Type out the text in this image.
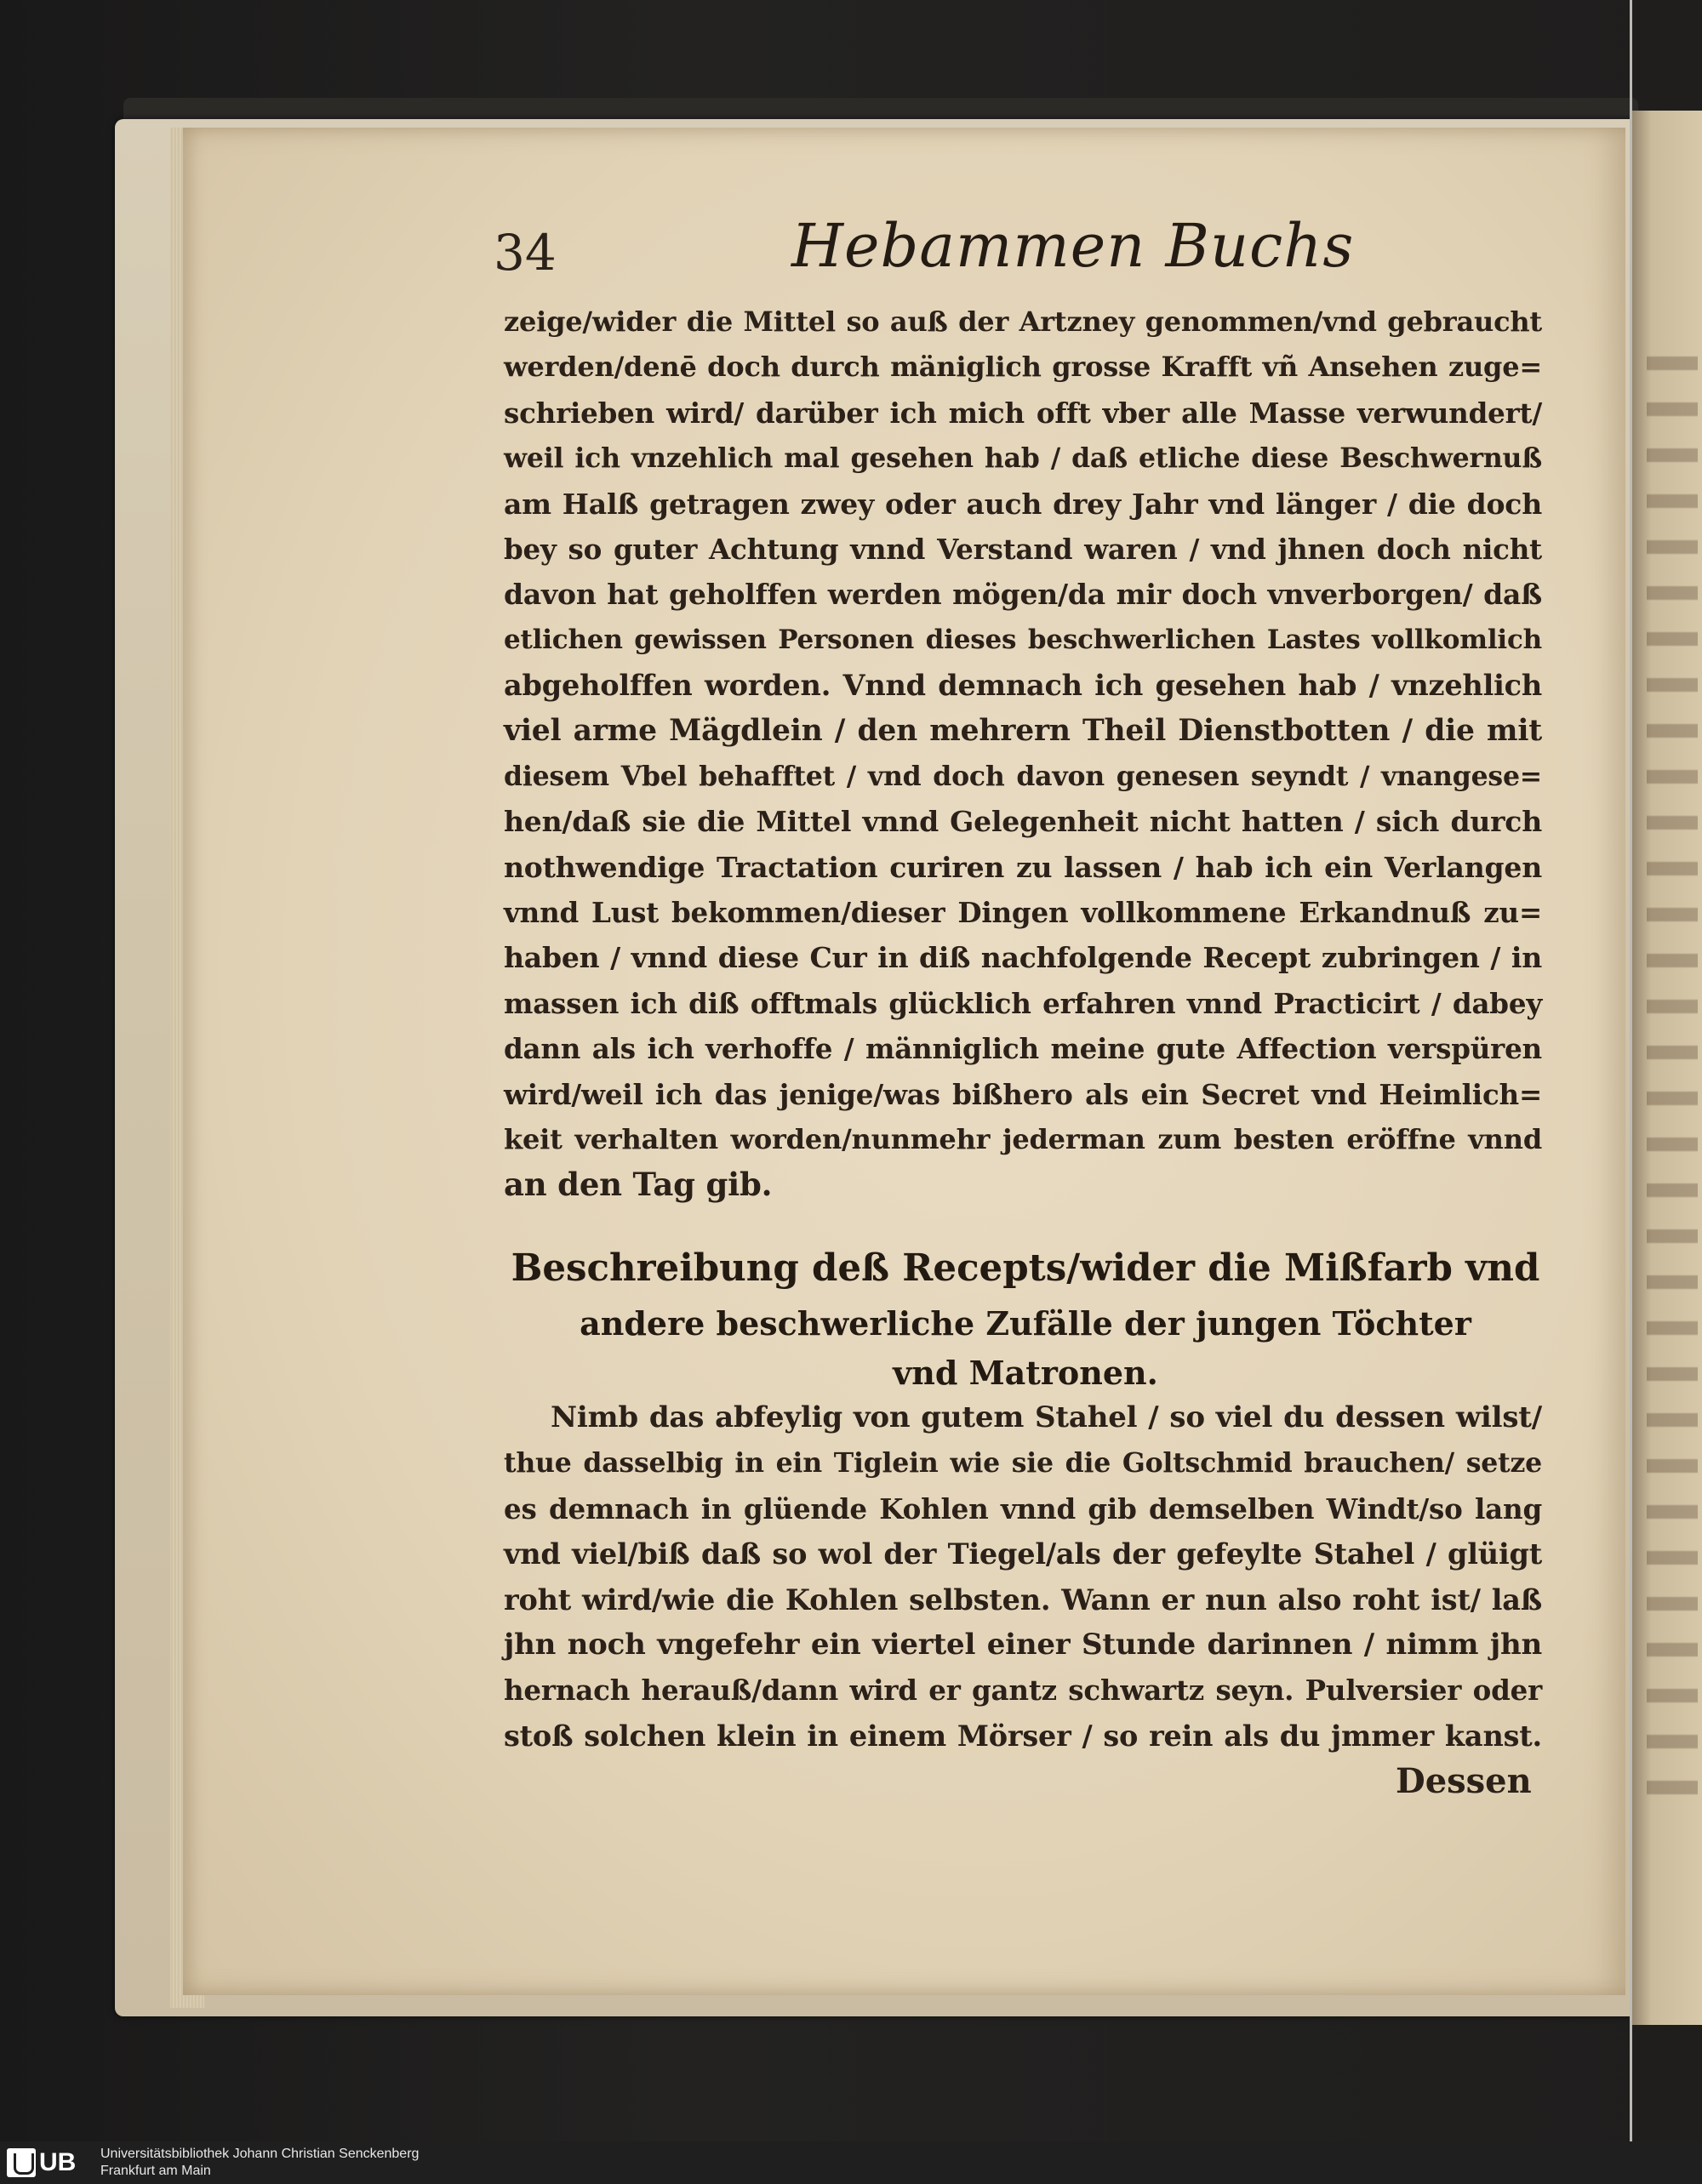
34	Hebammen Buchs
zeige/wider die Mittel so auß der Artzney genommen/vnd gebraucht
werden/denē doch durch mäniglich grosse Krafft vñ Ansehen zuge=
schrieben wird/ darüber ich mich offt vber alle Masse verwundert/
weil ich vnzehlich mal gesehen hab / daß etliche diese Beschwernuß
am Halß getragen zwey oder auch drey Jahr vnd länger / die doch
bey so guter Achtung vnnd Verstand waren / vnd jhnen doch nicht
davon hat geholffen werden mögen/da mir doch vnverborgen/ daß
etlichen gewissen Personen dieses beschwerlichen Lastes vollkomlich
abgeholffen worden. Vnnd demnach ich gesehen hab / vnzehlich
viel arme Mägdlein / den mehrern Theil Dienstbotten / die mit
diesem Vbel behafftet / vnd doch davon genesen seyndt / vnangese=
hen/daß sie die Mittel vnnd Gelegenheit nicht hatten / sich durch
nothwendige Tractation curiren zu lassen / hab ich ein Verlangen
vnnd Lust bekommen/dieser Dingen vollkommene Erkandnuß zu=
haben / vnnd diese Cur in diß nachfolgende Recept zubringen / in
massen ich diß offtmals glücklich erfahren vnnd Practicirt / dabey
dann als ich verhoffe / männiglich meine gute Affection verspüren
wird/weil ich das jenige/was bißhero als ein Secret vnd Heimlich=
keit verhalten worden/nunmehr jederman zum besten eröffne vnnd
an den Tag gib.
Beschreibung deß Recepts/wider die Mißfarb vnd
andere beschwerliche Zufälle der jungen Töchter
vnd Matronen.
Nimb das abfeylig von gutem Stahel / so viel du dessen wilst/
thue dasselbig in ein Tiglein wie sie die Goltschmid brauchen/ setze
es demnach in glüende Kohlen vnnd gib demselben Windt/so lang
vnd viel/biß daß so wol der Tiegel/als der gefeylte Stahel / glüigt
roht wird/wie die Kohlen selbsten. Wann er nun also roht ist/ laß
jhn noch vngefehr ein viertel einer Stunde darinnen / nimm jhn
hernach herauß/dann wird er gantz schwartz seyn. Pulversier oder
stoß solchen klein in einem Mörser / so rein als du jmmer kanst.
Dessen
UB Universitätsbibliothek Johann Christian Senckenberg
Frankfurt am Main
